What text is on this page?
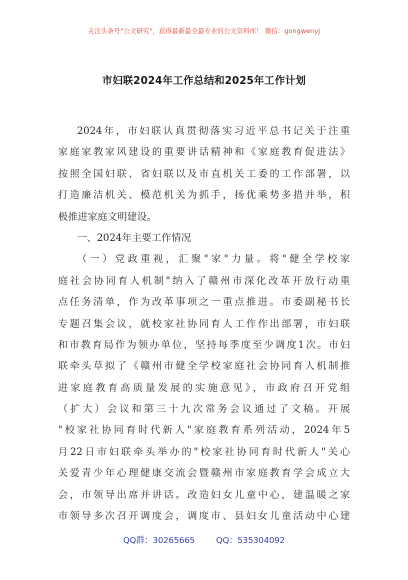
关注头条号"公文研究"，获得最新最全最专业的公文资料库！ 微信：gongwenyj
市妇联2024年工作总结和2025年工作计划
2024年，市妇联认真贯彻落实习近平总书记关于注重
家庭家教家风建设的重要讲话精神和《家庭教育促进法》
按照全国妇联、省妇联以及市直机关工委的工作部署，以
打造廉洁机关、模范机关为抓手，扬优乘势多措并举，积
极推进家庭文明建设。
一、2024年主要工作情况
（一）党政重视，汇聚"家"力量。将"健全学校家
庭社会协同育人机制"纳入了赣州市深化改革开放行动重
点任务清单，作为改革事项之一重点推进。市委副秘书长
专题召集会议，就校家社协同育人工作作出部署，市妇联
和市教育局作为领办单位，坚持每季度至少调度1次。市妇
联牵头草拟了《赣州市健全学校家庭社会协同育人机制推
进家庭教育高质量发展的实施意见》，市政府召开党组
（扩大）会议和第三十九次常务会议通过了文稿。开展
"校家社协同育时代新人"家庭教育系列活动，2024年5
月22日市妇联牵头举办的"校家社协同育时代新人"关心
关爱青少年心理健康交流会暨赣州市家庭教育学会成立大
会，市领导出席并讲话。改造妇女儿童中心，建温暖之家
市领导多次召开调度会，调度市、县妇女儿童活动中心建
QQ群：30265665        QQ：535304092
